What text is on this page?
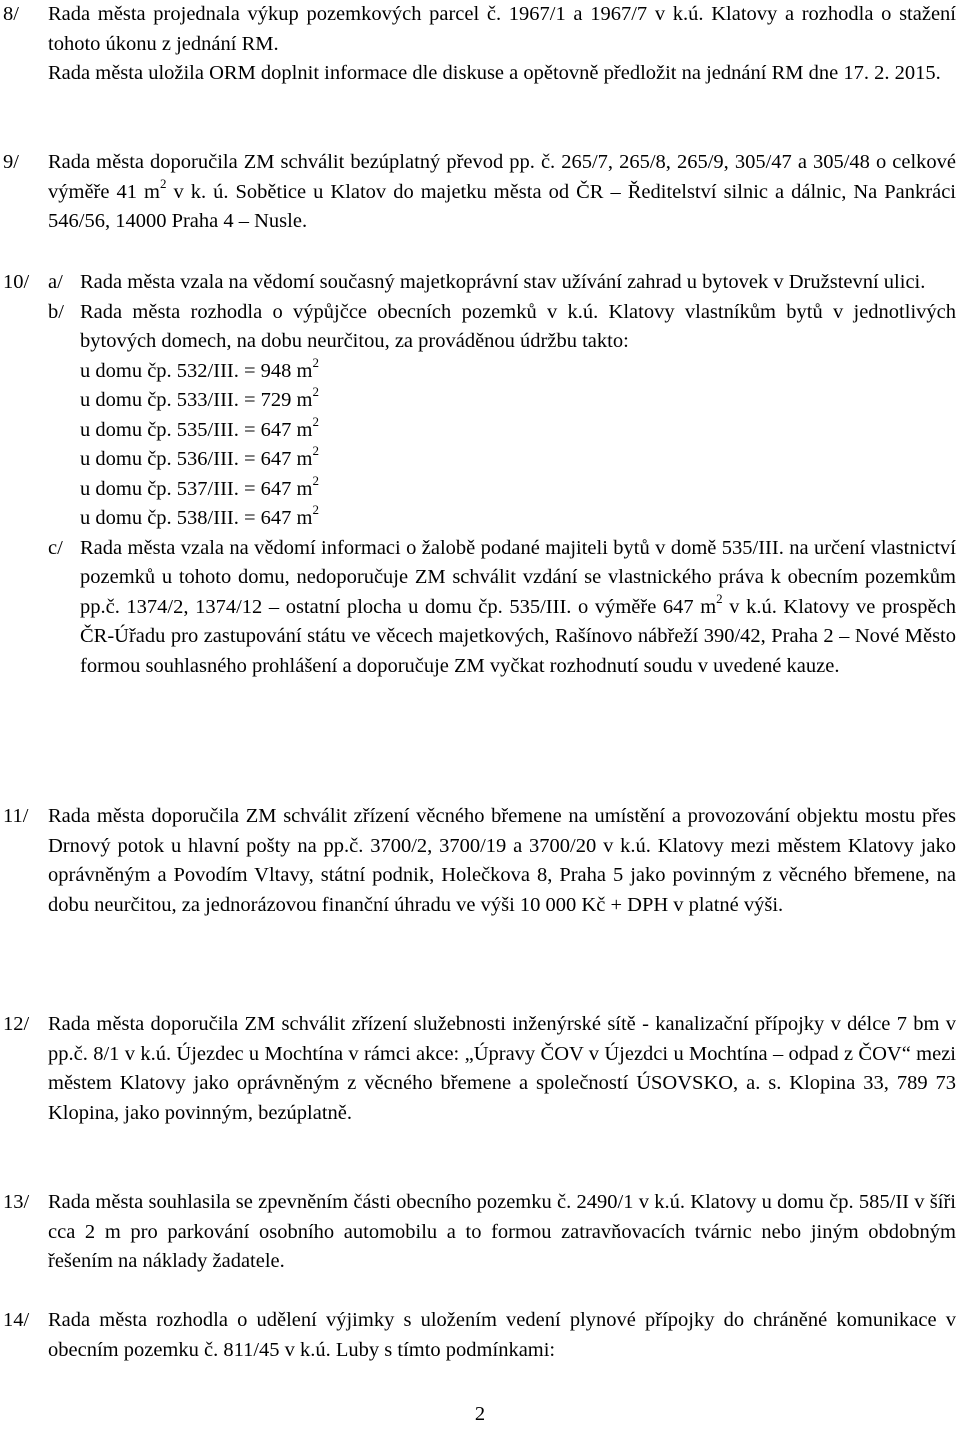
8/ Rada města projednala výkup pozemkových parcel č. 1967/1 a 1967/7 v k.ú. Klatovy a rozhodla o stažení tohoto úkonu z jednání RM.

Rada města uložila ORM doplnit informace dle diskuse a opětovně předložit na jednání RM dne 17. 2. 2015.

9/ Rada města doporučila ZM schválit bezúplatný převod pp. č. 265/7, 265/8, 265/9, 305/47 a 305/48 o celkové výměře 41 $m^2$ v k. ú. Sobětice u Klatov do majetku města od ČR – Ředitelství silnic a dálnic, Na Pankráci 546/56, 14000 Praha 4 – Nusle.

10/ a/ Rada města vzala na vědomí současný majetkoprávní stav užívání zahrad u bytovek v Družstevní ulici.

b/ Rada města rozhodla o výpůjčce obecních pozemků v k.ú. Klatovy vlastníkům bytů v jednotlivých bytových domech, na dobu neurčitou, za prováděnou údržbu takto:

u domu čp. 532/III. = 948 $m^2$
u domu čp. 533/III. = 729 $m^2$
u domu čp. 535/III. = 647 $m^2$
u domu čp. 536/III. = 647 $m^2$
u domu čp. 537/III. = 647 $m^2$
u domu čp. 538/III. = 647 $m^2$
c/ Rada města vzala na vědomí informaci o žalobě podané majiteli bytů v domě 535/III. na určení vlastnictví pozemků u tohoto domu, nedoporučuje ZM schválit vzdání se vlastnického práva k obecním pozemkům pp.č. 1374/2, 1374/12 – ostatní plocha u domu čp. 535/III. o výměře 647 $m^2$ v k.ú. Klatovy ve prospěch ČR-Úřadu pro zastupování státu ve věcech majetkových, Rašínovo nábřeží 390/42, Praha 2 – Nové Město formou souhlasného prohlášení a doporučuje ZM vyčkat rozhodnutí soudu v uvedené kauze.

11/ Rada města doporučila ZM schválit zřízení věcného břemene na umístění a provozování objektu mostu přes Drnový potok u hlavní pošty na pp.č. 3700/2, 3700/19 a 3700/20 v k.ú. Klatovy mezi městem Klatovy jako oprávněným a Povodím Vltavy, státní podnik, Holečkova 8, Praha 5 jako povinným z věcného břemene, na dobu neurčitou, za jednorázovou finanční úhradu ve výši 10 000 Kč + DPH v platné výši.

12/ Rada města doporučila ZM schválit zřízení služebnosti inženýrské sítě - kanalizační přípojky v délce 7 bm v pp.č. 8/1 v k.ú. Újezdec u Mochtína v rámci akce: „Úpravy ČOV v Újezdci u Mochtína – odpad z ČOV“ mezi městem Klatovy jako oprávněným z věcného břemene a společností ÚSOVSKO, a. s. Klopina 33, 789 73 Klopina, jako povinným, bezúplatně.

13/ Rada města souhlasila se zpevněním části obecního pozemku č. 2490/1 v k.ú. Klatovy u domu čp. 585/II v šíři cca 2 m pro parkování osobního automobilu a to formou zatravňovacích tvárnic nebo jiným obdobným řešením na náklady žadatele.

14/ Rada města rozhodla o udělení výjimky s uložením vedení plynové přípojky do chráněné komunikace v obecním pozemku č. 811/45 v k.ú. Luby s tímto podmínkami:

2
